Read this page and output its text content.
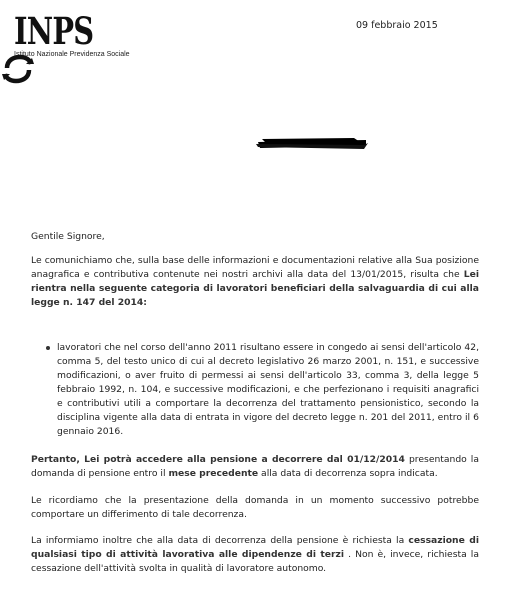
INPS
Istituto Nazionale Previdenza Sociale
09 febbraio 2015
Gentile Signore,
Le comunichiamo che, sulla base delle informazioni e documentazioni relative alla Sua posizione anagrafica e contributiva contenute nei nostri archivi alla data del 13/01/2015, risulta che Lei rientra nella seguente categoria di lavoratori beneficiari della salvaguardia di cui alla legge n. 147 del 2014:
lavoratori che nel corso dell'anno 2011 risultano essere in congedo ai sensi dell'articolo 42, comma 5, del testo unico di cui al decreto legislativo 26 marzo 2001, n. 151, e successive modificazioni, o aver fruito di permessi ai sensi dell'articolo 33, comma 3, della legge 5 febbraio 1992, n. 104, e successive modificazioni, e che perfezionano i requisiti anagrafici e contributivi utili a comportare la decorrenza del trattamento pensionistico, secondo la disciplina vigente alla data di entrata in vigore del decreto legge n. 201 del 2011, entro il 6 gennaio 2016.
Pertanto, Lei potrà accedere alla pensione a decorrere dal 01/12/2014 presentando la domanda di pensione entro il mese precedente alla data di decorrenza sopra indicata.
Le ricordiamo che la presentazione della domanda in un momento successivo potrebbe comportare un differimento di tale decorrenza.
La informiamo inoltre che alla data di decorrenza della pensione è richiesta la cessazione di qualsiasi tipo di attività lavorativa alle dipendenze di terzi . Non è, invece, richiesta la cessazione dell'attività svolta in qualità di lavoratore autonomo.
